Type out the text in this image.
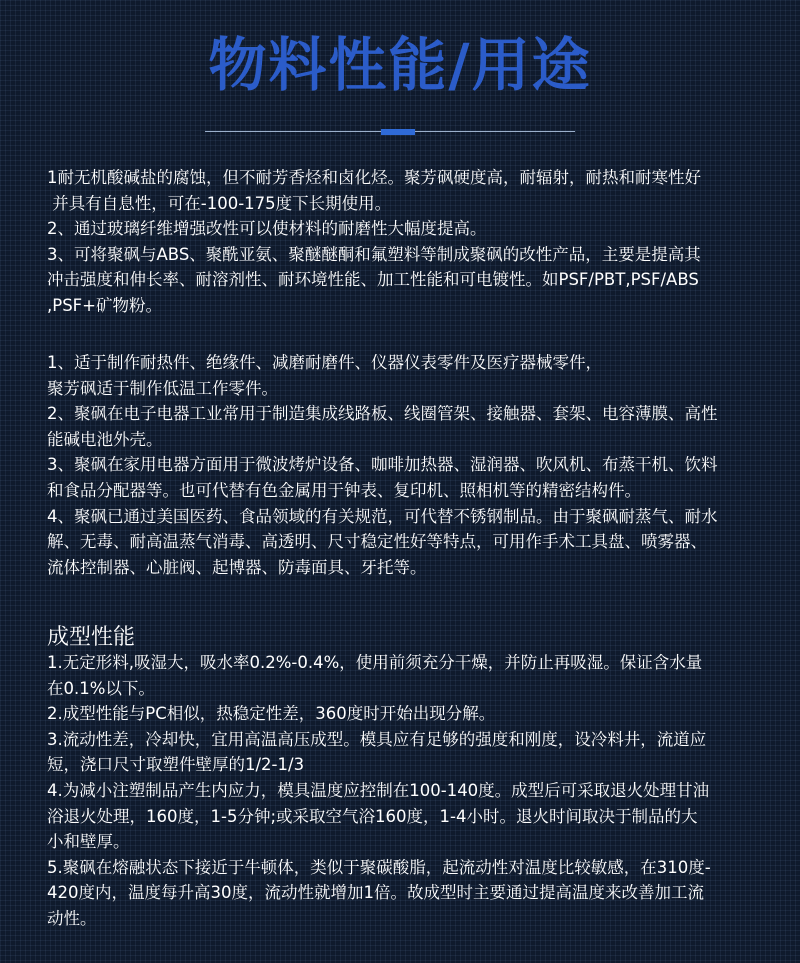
物料性能/用途

1耐无机酸碱盐的腐蚀，但不耐芳香烃和卤化烃。聚芳砜硬度高，耐辐射，耐热和耐寒性好

并具有自息性，可在-100-175度下长期使用。

2、通过玻璃纤维增强改性可以使材料的耐磨性大幅度提高。

3、可将聚砜与ABS、聚酰亚氨、聚醚醚酮和氟塑料等制成聚砜的改性产品，主要是提高其

冲击强度和伸长率、耐溶剂性、耐环境性能、加工性能和可电镀性。如PSF/PBT,PSF/ABS

,PSF+矿物粉。

1、适于制作耐热件、绝缘件、减磨耐磨件、仪器仪表零件及医疗器械零件，

聚芳砜适于制作低温工作零件。

2、聚砜在电子电器工业常用于制造集成线路板、线圈管架、接触器、套架、电容薄膜、高性

能碱电池外壳。

3、聚砜在家用电器方面用于微波烤炉设备、咖啡加热器、湿润器、吹风机、布蒸干机、饮料

和食品分配器等。也可代替有色金属用于钟表、复印机、照相机等的精密结构件。

4、聚砜已通过美国医药、食品领域的有关规范，可代替不锈钢制品。由于聚砜耐蒸气、耐水

解、无毒、耐高温蒸气消毒、高透明、尺寸稳定性好等特点，可用作手术工具盘、喷雾器、

流体控制器、心脏阀、起博器、防毒面具、牙托等。

成型性能

1.无定形料,吸湿大，吸水率0.2%-0.4%，使用前须充分干燥，并防止再吸湿。保证含水量

在0.1%以下。

2.成型性能与PC相似，热稳定性差，360度时开始出现分解。

3.流动性差，冷却快，宜用高温高压成型。模具应有足够的强度和刚度，设冷料井，流道应

短，浇口尺寸取塑件壁厚的1/2-1/3

4.为减小注塑制品产生内应力，模具温度应控制在100-140度。成型后可采取退火处理甘油

浴退火处理，160度，1-5分钟;或采取空气浴160度，1-4小时。退火时间取决于制品的大

小和壁厚。

5.聚砜在熔融状态下接近于牛顿体，类似于聚碳酸脂，起流动性对温度比较敏感，在310度-

420度内，温度每升高30度，流动性就增加1倍。故成型时主要通过提高温度来改善加工流

动性。
